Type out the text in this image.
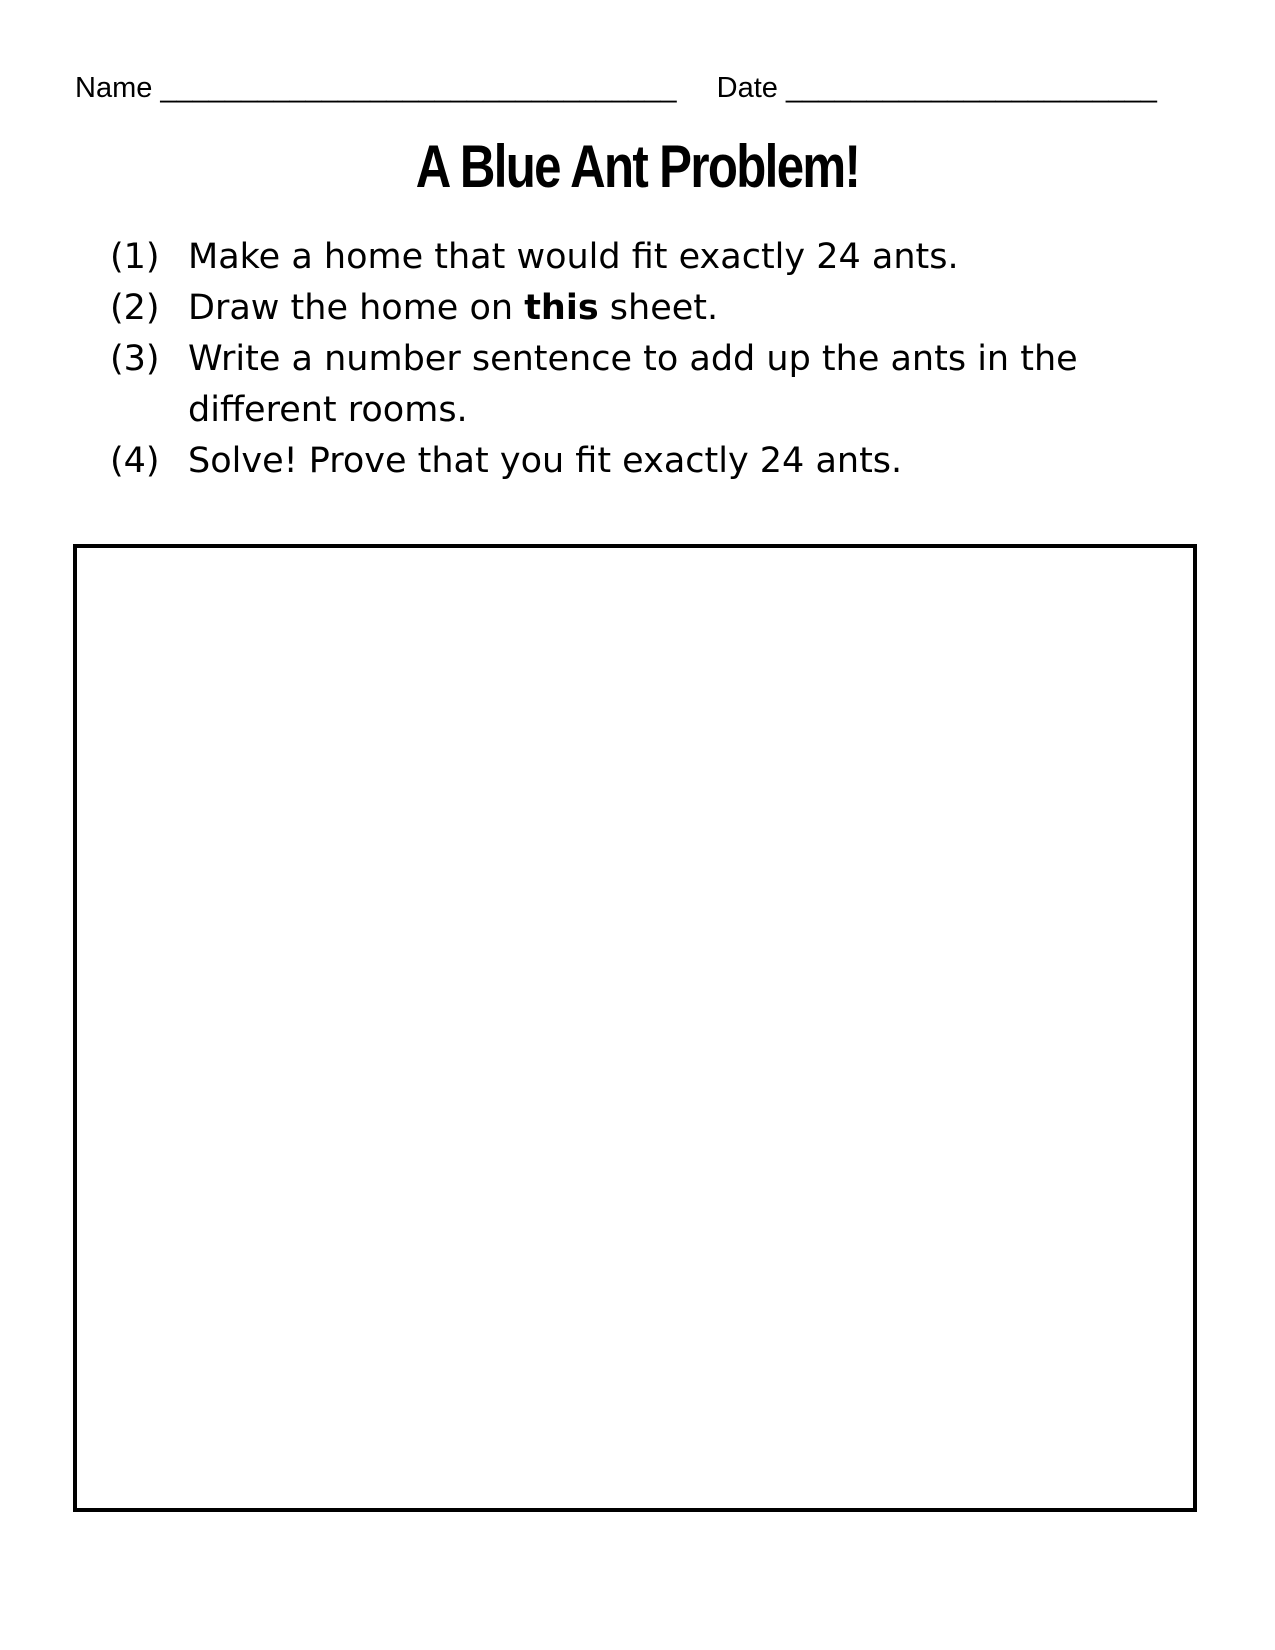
Name ________________________________ Date _______________________
A Blue Ant Problem!
(1) Make a home that would fit exactly 24 ants.
(2) Draw the home on this sheet.
(3) Write a number sentence to add up the ants in the different rooms.
(4) Solve! Prove that you fit exactly 24 ants.
